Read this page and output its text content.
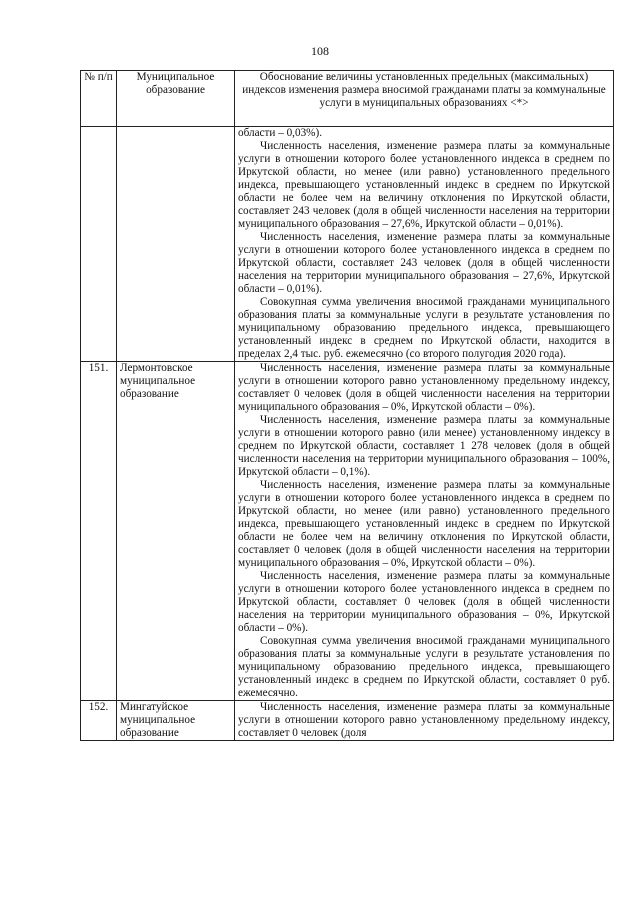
108
№ п/п	Муниципальное образование	Обоснование величины установленных предельных (максимальных) индексов изменения размера вносимой гражданами платы за коммунальные услуги в муниципальных образованиях <*>

		области – 0,03%).
Численность населения, изменение размера платы за коммунальные услуги в отношении которого более установленного индекса в среднем по Иркутской области, но менее (или равно) установленного предельного индекса, превышающего установленный индекс в среднем по Иркутской области не более чем на величину отклонения по Иркутской области, составляет 243 человек (доля в общей численности населения на территории муниципального образования – 27,6%, Иркутской области – 0,01%).
Численность населения, изменение размера платы за коммунальные услуги в отношении которого более установленного индекса в среднем по Иркутской области, составляет 243 человек (доля в общей численности населения на территории муниципального образования – 27,6%, Иркутской области – 0,01%).
Совокупная сумма увеличения вносимой гражданами муниципального образования платы за коммунальные услуги в результате установления по муниципальному образованию предельного индекса, превышающего установленный индекс в среднем по Иркутской области, находится в пределах 2,4 тыс. руб. ежемесячно (со второго полугодия 2020 года).

151.	Лермонтовское муниципальное образование	Численность населения, изменение размера платы за коммунальные услуги в отношении которого равно установленному предельному индексу, составляет 0 человек (доля в общей численности населения на территории муниципального образования – 0%, Иркутской области – 0%).
Численность населения, изменение размера платы за коммунальные услуги в отношении которого равно (или менее) установленному индексу в среднем по Иркутской области, составляет 1 278 человек (доля в общей численности населения на территории муниципального образования – 100%, Иркутской области – 0,1%).
Численность населения, изменение размера платы за коммунальные услуги в отношении которого более установленного индекса в среднем по Иркутской области, но менее (или равно) установленного предельного индекса, превышающего установленный индекс в среднем по Иркутской области не более чем на величину отклонения по Иркутской области, составляет 0 человек (доля в общей численности населения на территории муниципального образования – 0%, Иркутской области – 0%).
Численность населения, изменение размера платы за коммунальные услуги в отношении которого более установленного индекса в среднем по Иркутской области, составляет 0 человек (доля в общей численности населения на территории муниципального образования – 0%, Иркутской области – 0%).
Совокупная сумма увеличения вносимой гражданами муниципального образования платы за коммунальные услуги в результате установления по муниципальному образованию предельного индекса, превышающего установленный индекс в среднем по Иркутской области, составляет 0 руб. ежемесячно.

152.	Мингатуйское муниципальное образование	Численность населения, изменение размера платы за коммунальные услуги в отношении которого равно установленному предельному индексу, составляет 0 человек (доля
